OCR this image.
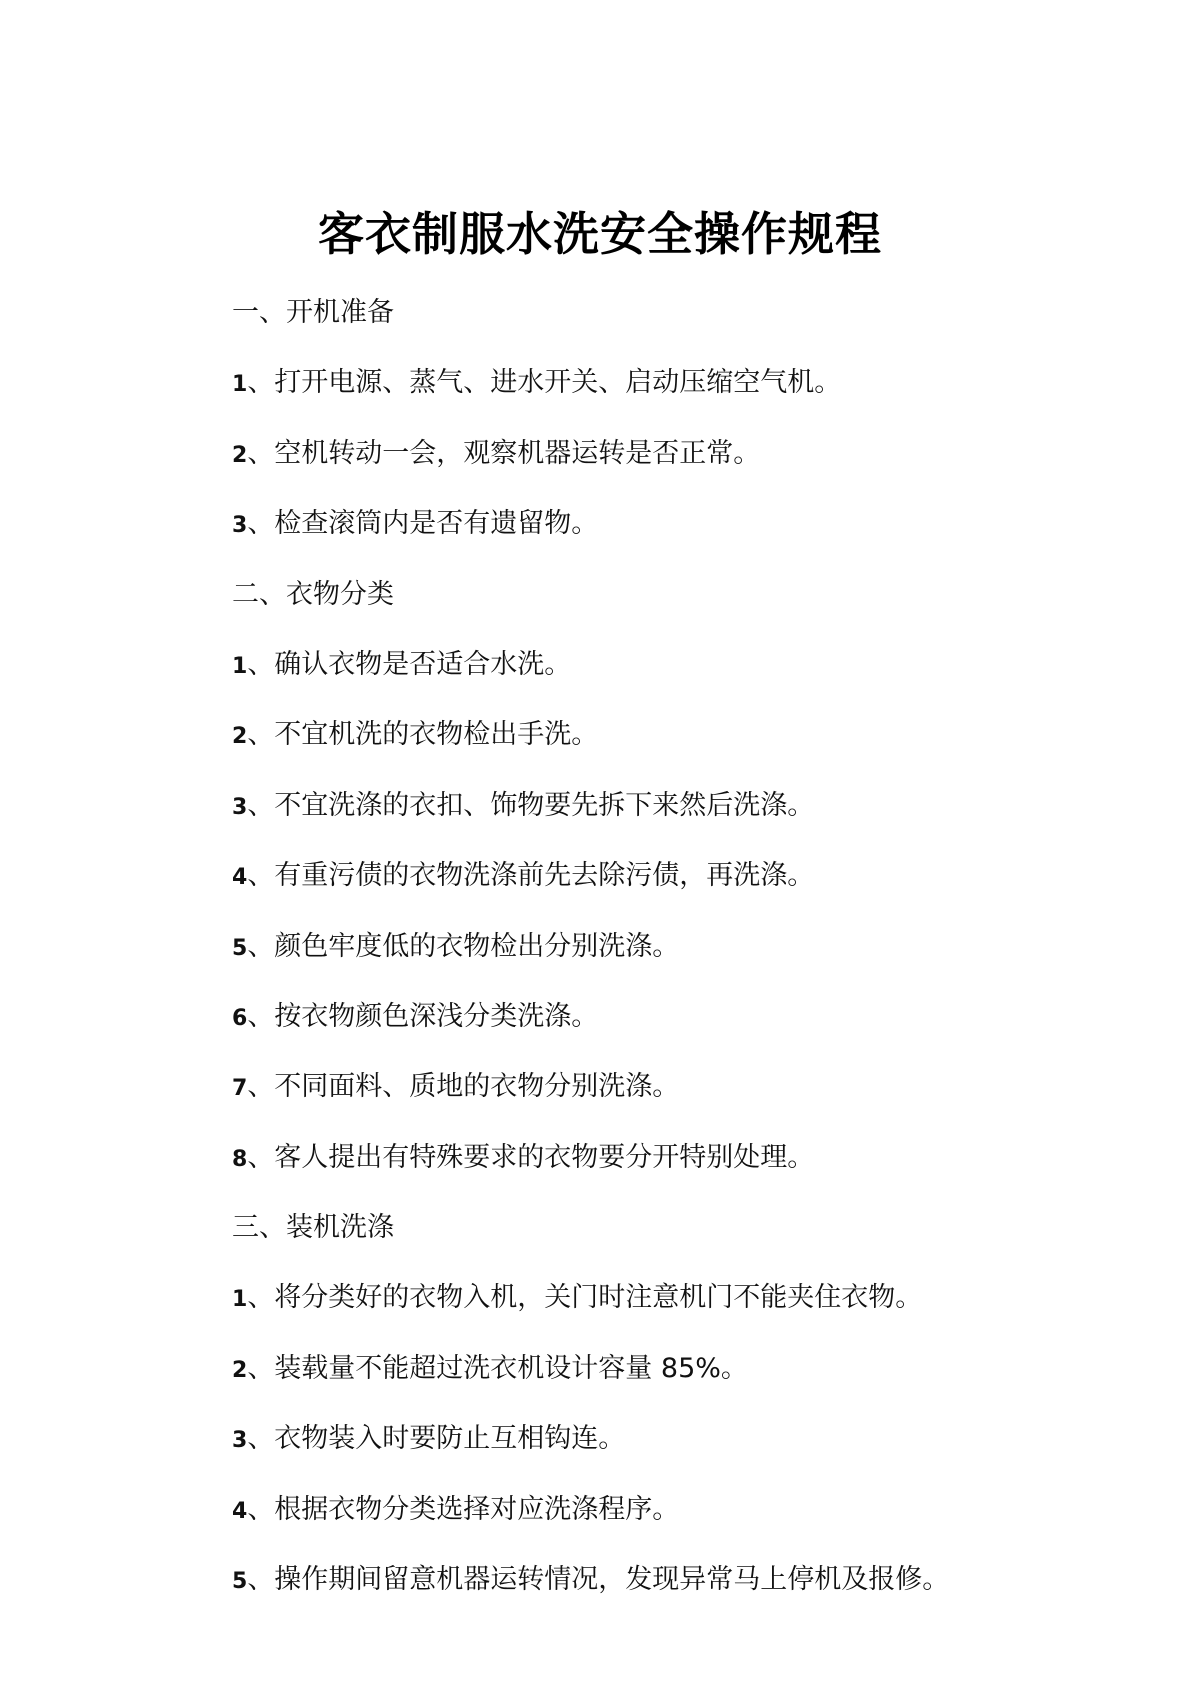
客衣制服水洗安全操作规程
一、开机准备
1、打开电源、蒸气、进水开关、启动压缩空气机。
2、空机转动一会，观察机器运转是否正常。
3、检查滚筒内是否有遗留物。
二、衣物分类
1、确认衣物是否适合水洗。
2、不宜机洗的衣物检出手洗。
3、不宜洗涤的衣扣、饰物要先拆下来然后洗涤。
4、有重污债的衣物洗涤前先去除污债，再洗涤。
5、颜色牢度低的衣物检出分别洗涤。
6、按衣物颜色深浅分类洗涤。
7、不同面料、质地的衣物分别洗涤。
8、客人提出有特殊要求的衣物要分开特别处理。
三、装机洗涤
1、将分类好的衣物入机，关门时注意机门不能夹住衣物。
2、装载量不能超过洗衣机设计容量 85%。
3、衣物装入时要防止互相钩连。
4、根据衣物分类选择对应洗涤程序。
5、操作期间留意机器运转情况，发现异常马上停机及报修。
